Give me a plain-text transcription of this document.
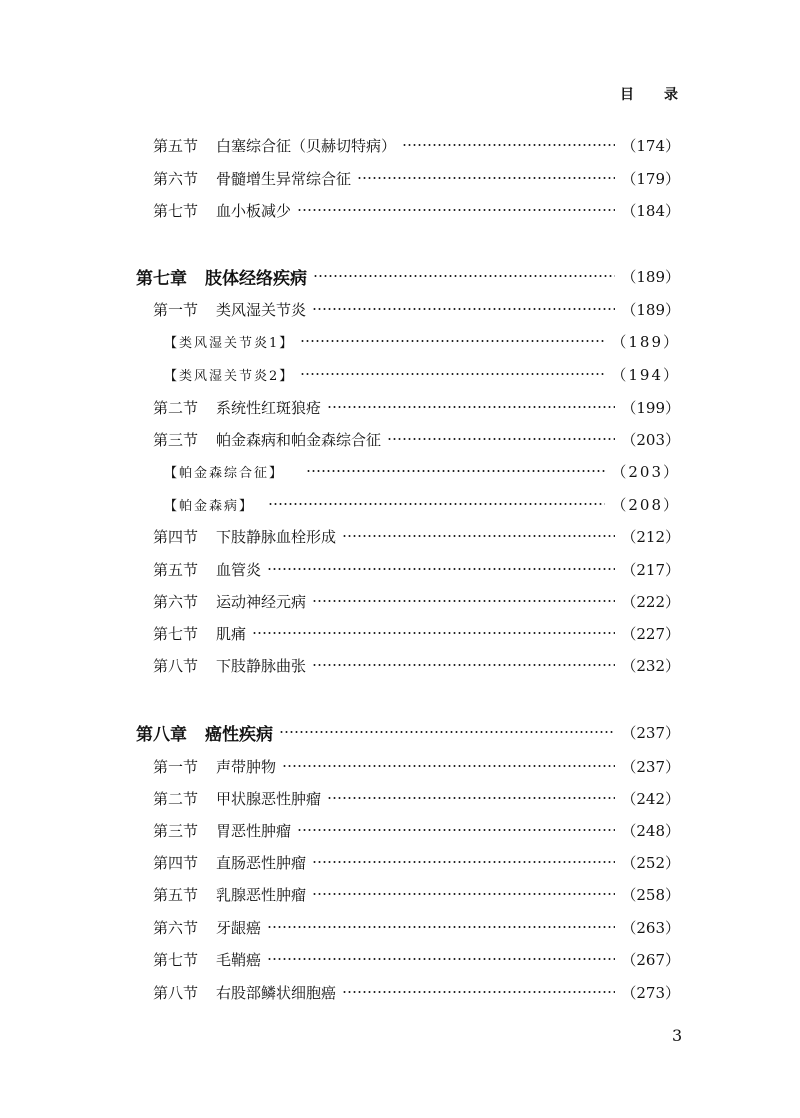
目录
第五节 白塞综合征（贝赫切特病）	（174）
第六节 骨髓增生异常综合征	（179）
第七节 血小板减少	（184）
第七章 肢体经络疾病	（189）
第一节 类风湿关节炎	（189）
【类风湿关节炎1】	（189）
【类风湿关节炎2】	（194）
第二节 系统性红斑狼疮	（199）
第三节 帕金森病和帕金森综合征	（203）
【帕金森综合征】	（203）
【帕金森病】	（208）
第四节 下肢静脉血栓形成	（212）
第五节 血管炎	（217）
第六节 运动神经元病	（222）
第七节 肌痛	（227）
第八节 下肢静脉曲张	（232）
第八章 癌性疾病	（237）
第一节 声带肿物	（237）
第二节 甲状腺恶性肿瘤	（242）
第三节 胃恶性肿瘤	（248）
第四节 直肠恶性肿瘤	（252）
第五节 乳腺恶性肿瘤	（258）
第六节 牙龈癌	（263）
第七节 毛鞘癌	（267）
第八节 右股部鳞状细胞癌	（273）
3
